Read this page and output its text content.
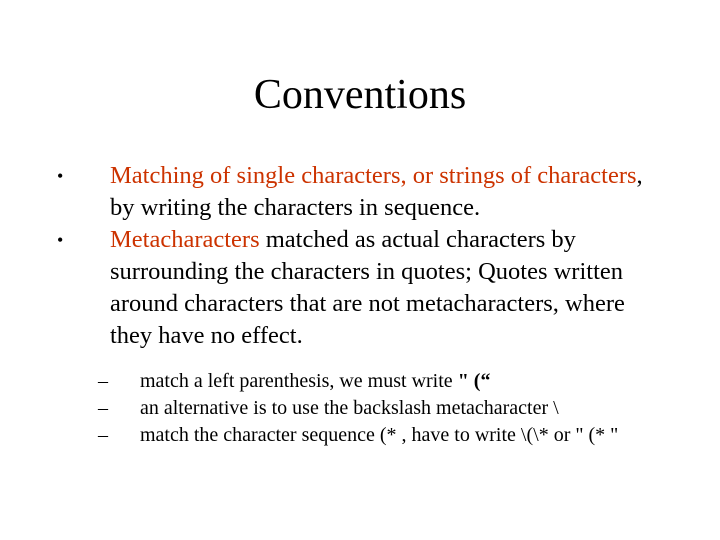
Conventions
• Matching of single characters, or strings of characters, by writing the characters in sequence.
• Metacharacters matched as actual characters by surrounding the characters in quotes; Quotes written around characters that are not metacharacters, where they have no effect.
– match a left parenthesis, we must write " (“
– an alternative is to use the backslash metacharacter \
– match the character sequence (* , have to write \(\* or " (* "
